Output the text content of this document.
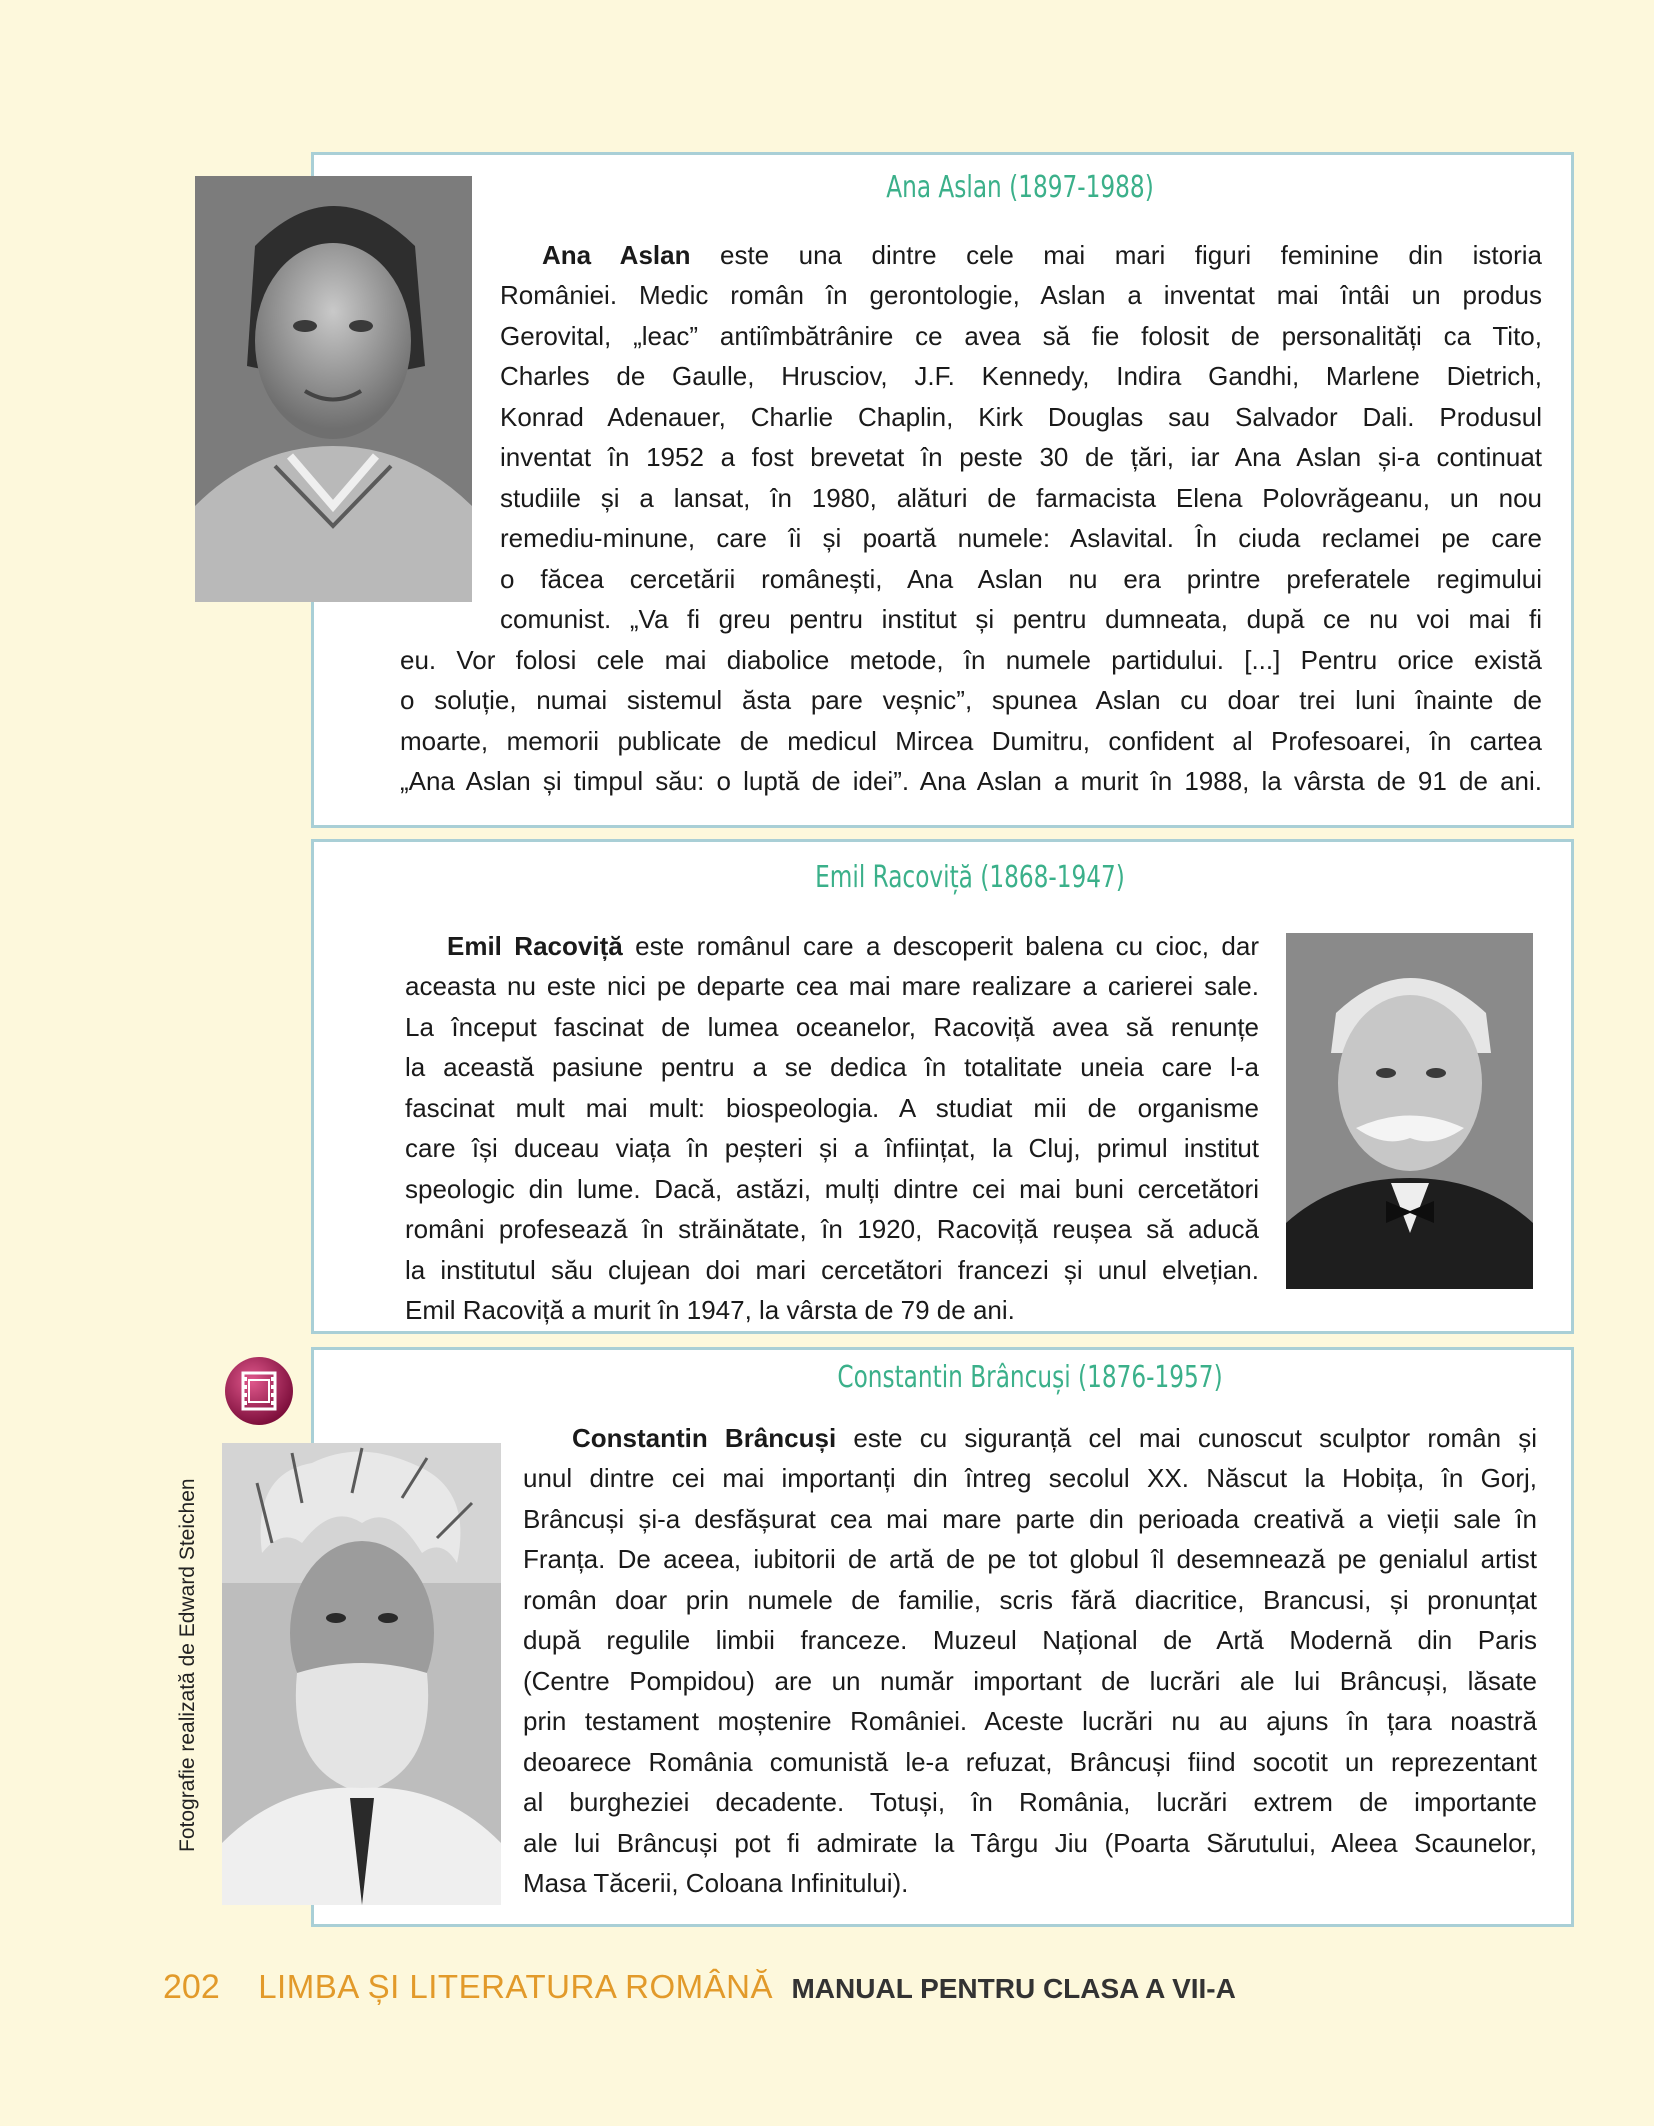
Ana Aslan (1897-1988)
Ana Aslan este una dintre cele mai mari figuri feminine din istoria
României. Medic român în gerontologie, Aslan a inventat mai întâi un produs
Gerovital, „leac” antiîmbătrânire ce avea să fie folosit de personalități ca Tito,
Charles de Gaulle, Hrusciov, J.F. Kennedy, Indira Gandhi, Marlene Dietrich,
Konrad Adenauer, Charlie Chaplin, Kirk Douglas sau Salvador Dali. Produsul
inventat în 1952 a fost brevetat în peste 30 de țări, iar Ana Aslan și-a continuat
studiile și a lansat, în 1980, alături de farmacista Elena Polovrăgeanu, un nou
remediu-minune, care îi și poartă numele: Aslavital. În ciuda reclamei pe care
o făcea cercetării românești, Ana Aslan nu era printre preferatele regimului
comunist. „Va fi greu pentru institut și pentru dumneata, după ce nu voi mai fi
eu. Vor folosi cele mai diabolice metode, în numele partidului. [...] Pentru orice există
o soluție, numai sistemul ăsta pare veșnic”, spunea Aslan cu doar trei luni înainte de
moarte, memorii publicate de medicul Mircea Dumitru, confident al Profesoarei, în cartea
„Ana Aslan și timpul său: o luptă de idei”. Ana Aslan a murit în 1988, la vârsta de 91 de ani.
Emil Racoviță (1868-1947)
Emil Racoviță este românul care a descoperit balena cu cioc, dar
aceasta nu este nici pe departe cea mai mare realizare a carierei sale.
La început fascinat de lumea oceanelor, Racoviță avea să renunțe
la această pasiune pentru a se dedica în totalitate uneia care l-a
fascinat mult mai mult: biospeologia. A studiat mii de organisme
care își duceau viața în peșteri și a înființat, la Cluj, primul institut
speologic din lume. Dacă, astăzi, mulți dintre cei mai buni cercetători
români profesează în străinătate, în 1920, Racoviță reușea să aducă
la institutul său clujean doi mari cercetători francezi și unul elvețian.
Emil Racoviță a murit în 1947, la vârsta de 79 de ani.
Constantin Brâncuși (1876-1957)
Fotografie realizată de Edward Steichen
Constantin Brâncuși este cu siguranță cel mai cunoscut sculptor român și
unul dintre cei mai importanți din întreg secolul XX. Născut la Hobița, în Gorj,
Brâncuși și-a desfășurat cea mai mare parte din perioada creativă a vieții sale în
Franța. De aceea, iubitorii de artă de pe tot globul îl desemnează pe genialul artist
român doar prin numele de familie, scris fără diacritice, Brancusi, și pronunțat
după regulile limbii franceze. Muzeul Național de Artă Modernă din Paris
(Centre Pompidou) are un număr important de lucrări ale lui Brâncuși, lăsate
prin testament moștenire României. Aceste lucrări nu au ajuns în țara noastră
deoarece România comunistă le-a refuzat, Brâncuși fiind socotit un reprezentant
al burgheziei decadente. Totuși, în România, lucrări extrem de importante
ale lui Brâncuși pot fi admirate la Târgu Jiu (Poarta Sărutului, Aleea Scaunelor,
Masa Tăcerii, Coloana Infinitului).
202 LIMBA ȘI LITERATURA ROMÂNĂ MANUAL PENTRU CLASA A VII-A
